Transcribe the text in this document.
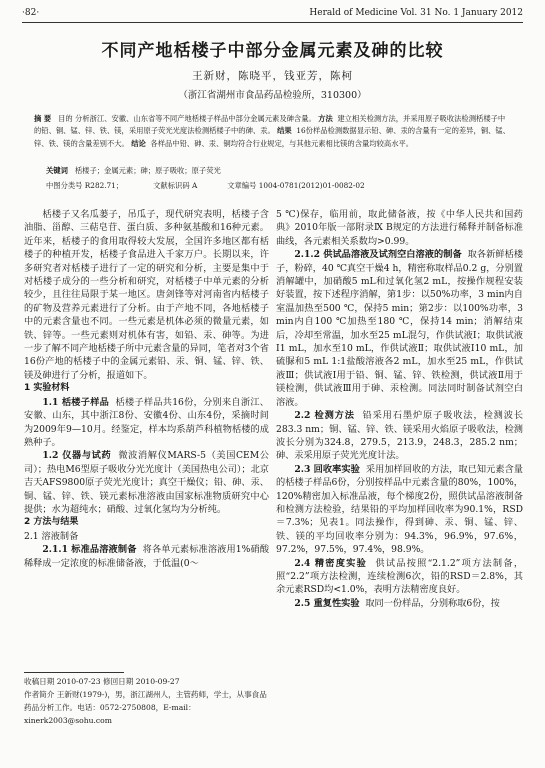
·82·	Herald of Medicine Vol. 31 No. 1 January 2012
不同产地栝楼子中部分金属元素及砷的比较
王新财，陈晓平，钱亚芳，陈柯
（浙江省湖州市食品药品检验所，310300）
摘 要 目的 分析浙江、安徽、山东省等不同产地栝楼子样品中部分金属元素及砷含量。 方法 建立相关检测方法，并采用原子吸收法检测栝楼子中的铅、铜、锰、锌、铁、镁，采用原子荧光光度法检测栝楼子中的砷、汞。 结果 16份样品检测数据显示铅、砷、汞的含量有一定的差异，铜、锰、锌、铁、镁的含量差别不大。 结论 各样品中铅、砷、汞、铜均符合行业规定，与其他元素相比镁的含量均较高水平。
关键词 栝楼子；金属元素；砷；原子吸收；原子荧光
中图分类号 R282.71；	文献标识码 A	文章编号 1004-0781(2012)01-0082-02

栝楼子又名瓜蒌子，吊瓜子，现代研究表明，栝楼子含油脂、甾醇、三萜皂苷、蛋白质、多种氨基酸和16种元素。近年来，栝楼子的食用取得较大发展，全国许多地区都有栝楼子的种植开发，栝楼子食品进入千家万户。长期以来，许多研究者对栝楼子进行了一定的研究和分析，主要是集中于对栝楼子成分的一些分析和研究，对栝楼子中单元素的分析较少，且往往局限于某一地区。唐剑锋等对河南省内栝楼子的矿物及营养元素进行了分析。由于产地不同，各地栝楼子中的元素含量也不同。一些元素是机体必须的微量元素，如铁、锌等。一些元素则对机体有害，如铅、汞、砷等。为进一步了解不同产地栝楼子所中元素含量的异同，笔者对3个省16份产地的栝楼子中的金属元素铅、汞、铜、锰、锌、铁、镁及砷进行了分析，报道如下。

1 实验材料

1.1 栝楼子样品 栝楼子样品共16份，分别来自浙江、安徽、山东，其中浙江8份、安徽4份、山东4份，采摘时间为2009年9—10月。经鉴定，样本均系葫芦科植物栝楼的成熟种子。

1.2 仪器与试药 微波消解仪MARS-5（美国CEM公司）；热电M6型原子吸收分光光度计（美国热电公司）；北京吉天AFS9800原子荧光光度计；真空干燥仪；铅、砷、汞、铜、锰、锌、铁、镁元素标准溶液由国家标准物质研究中心提供；水为超纯水；硝酸、过氧化氢均为分析纯。

2 方法与结果

2.1 溶液制备

2.1.1 标准品溶液制备 将各单元素标准溶液用1%硝酸稀释成一定浓度的标准储备液，于低温(0～

收稿日期 2010-07-23 修回日期 2010-09-27
作者简介 王新财(1979-)，男，浙江湖州人，主管药师，学士，从事食品药品分析工作。电话：0572-2750808，E-mail：
xinerk2003@sohu.com

5 ℃)保存，临用前，取此储备液，按《中华人民共和国药典》2010年版一部附录Ⅸ B规定的方法进行稀释并制备标准曲线，各元素相关系数均>0.99。

2.1.2 供试品溶液及试剂空白溶液的制备 取各新鲜栝楼子，粉碎，40 ℃真空干燥4 h，精密称取样品0.2 g，分别置消解罐中，加硝酸5 mL和过氧化氢2 mL，按操作规程安装好装置，按下述程序消解，第1步：以50%功率，3 min内自室温加热至500 ℃，保持5 min；第2步：以100%功率，3 min内自100 ℃加热至180 ℃，保持14 min；消解结束后，冷却至常温，加水至25 mL混匀，作供试液Ⅰ；取供试液Ⅰ1 mL，加水至10 mL，作供试液Ⅱ；取供试液Ⅰ10 mL，加硫脲和5 mL 1:1盐酸溶液各2 mL，加水至25 mL，作供试液Ⅲ；供试液Ⅰ用于铅、铜、锰、锌、铁检测，供试液Ⅱ用于镁检测，供试液Ⅲ用于砷、汞检测。同法同时制备试剂空白溶液。

2.2 检测方法 铅采用石墨炉原子吸收法，检测波长283.3 nm；铜、锰、锌、铁、镁采用火焰原子吸收法，检测波长分别为324.8，279.5，213.9，248.3，285.2 nm；砷、汞采用原子荧光光度计法。

2.3 回收率实验 采用加样回收的方法，取已知元素含量的栝楼子样品6份，分别按样品中元素含量的80%，100%，120%精密加入标准品液，每个梯度2份，照供试品溶液制备和检测方法检验，结果铅的平均加样回收率为90.1%，RSD＝7.3%；见表1。同法操作，得到砷、汞、铜、锰、锌、铁、镁的平均回收率分别为：94.3%，96.9%，97.6%，97.2%，97.5%，97.4%，98.9%。

2.4 精密度实验 供试品按照“2.1.2”项方法制备，照“2.2”项方法检测，连续检测6次，铅的RSD＝2.8%，其余元素RSD均<1.0%，表明方法精密度良好。

2.5 重复性实验 取同一份样品，分别称取6份，按
